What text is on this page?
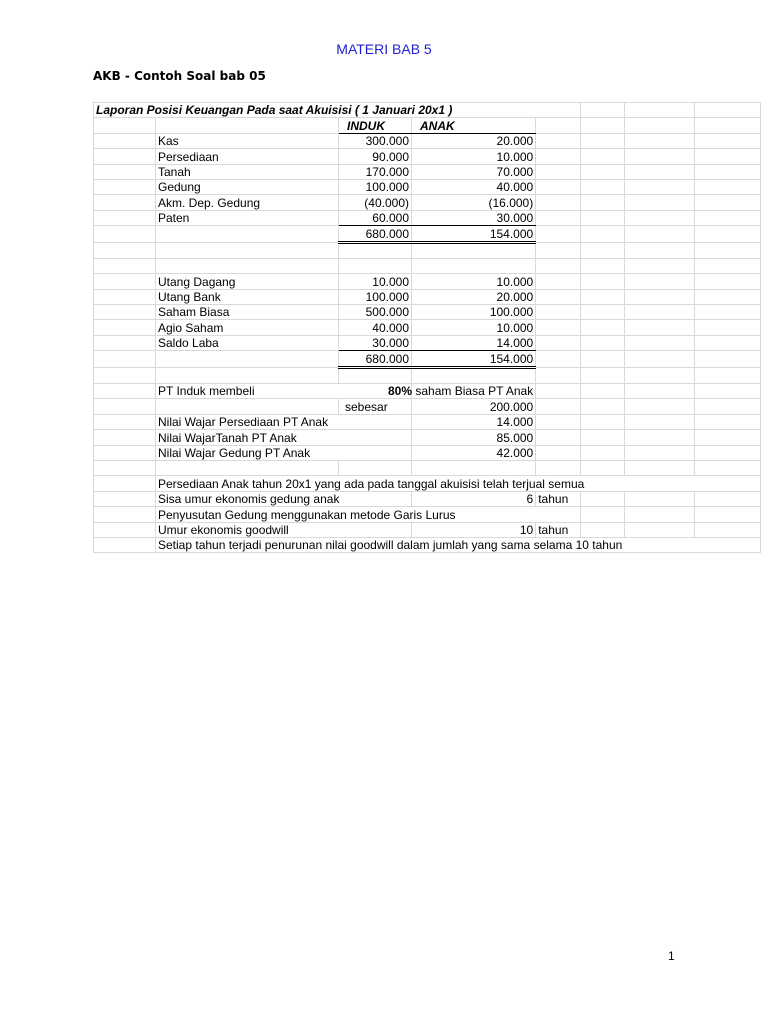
MATERI BAB 5
AKB - Contoh Soal bab 05
Laporan Posisi Keuangan Pada saat Akuisisi ( 1 Januari 20x1 )							
		INDUK	ANAK				
	Kas	300.000	20.000				
	Persediaan	90.000	10.000				
	Tanah	170.000	70.000				
	Gedung	100.000	40.000				
	Akm. Dep. Gedung	(40.000)	(16.000)				
	Paten	60.000	30.000				
		680.000	154.000				

	Utang Dagang	10.000	10.000				
	Utang Bank	100.000	20.000				
	Saham Biasa	500.000	100.000				
	Agio Saham	40.000	10.000				
	Saldo Laba	30.000	14.000				
		680.000	154.000				

	PT Induk membeli		80% saham Biasa PT Anak				
		sebesar	200.000				
	Nilai Wajar Persediaan PT Anak		14.000				
	Nilai WajarTanah PT Anak		85.000				
	Nilai Wajar Gedung PT Anak		42.000				

	Persediaan Anak tahun 20x1 yang ada pada tanggal akuisisi telah terjual semua						
	Sisa umur ekonomis gedung anak		6	tahun			
	Penyusutan Gedung menggunakan metode Garis Lurus						
	Umur ekonomis goodwill		10	tahun			
	Setiap tahun terjadi penurunan nilai goodwill dalam jumlah yang sama selama 10 tahun						
1
